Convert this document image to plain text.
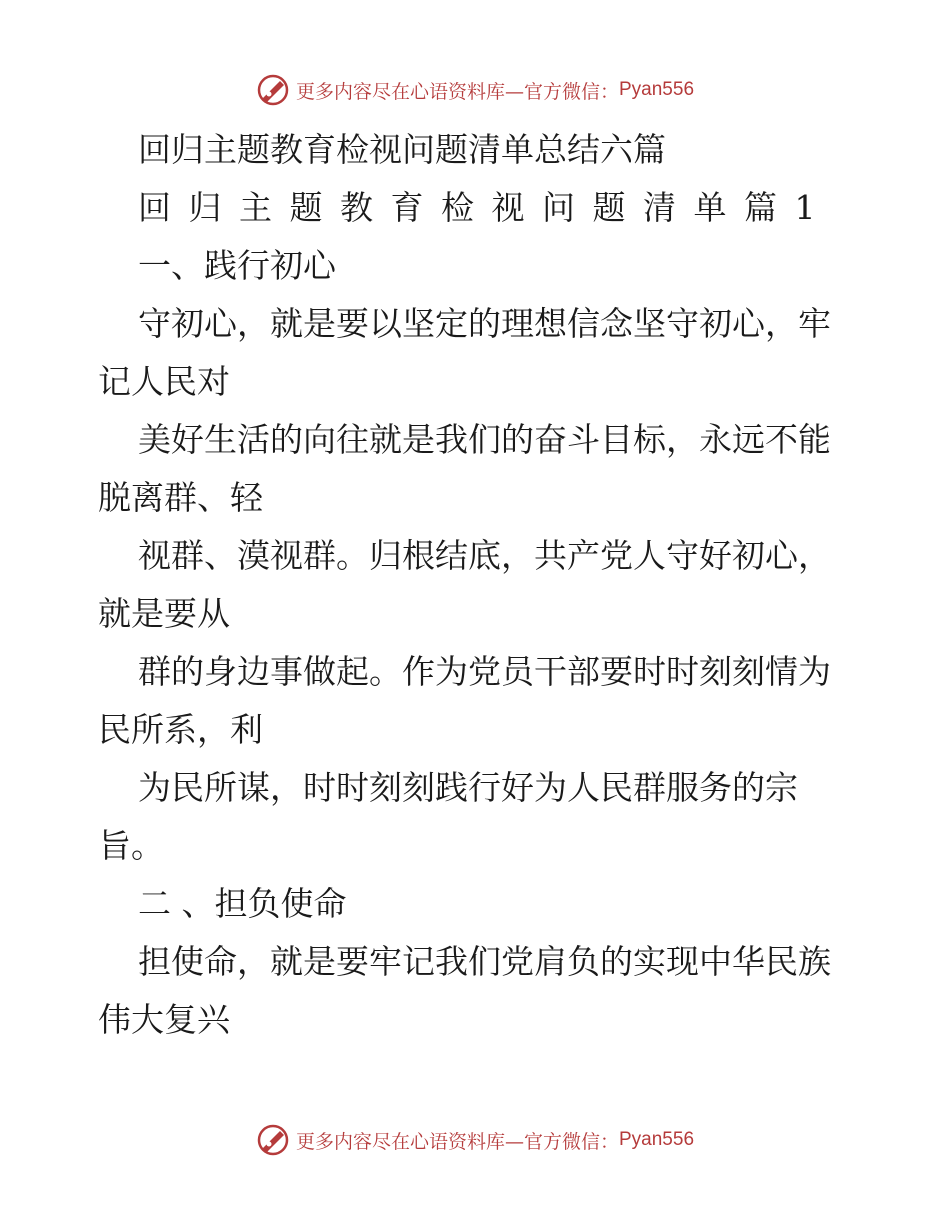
更多内容尽在心语资料库—官方微信： Pyan556
回归主题教育检视问题清单总结六篇
回归主题教育检视问题清单篇1
一、践行初心
守初心，就是要以坚定的理想信念坚守初心，牢
记人民对
美好生活的向往就是我们的奋斗目标，永远不能
脱离群、轻
视群、漠视群。归根结底，共产党人守好初心，
就是要从
群的身边事做起。作为党员干部要时时刻刻情为
民所系，利
为民所谋，时时刻刻践行好为人民群服务的宗
旨。
二 、担负使命
担使命，就是要牢记我们党肩负的实现中华民族
伟大复兴
更多内容尽在心语资料库—官方微信： Pyan556
